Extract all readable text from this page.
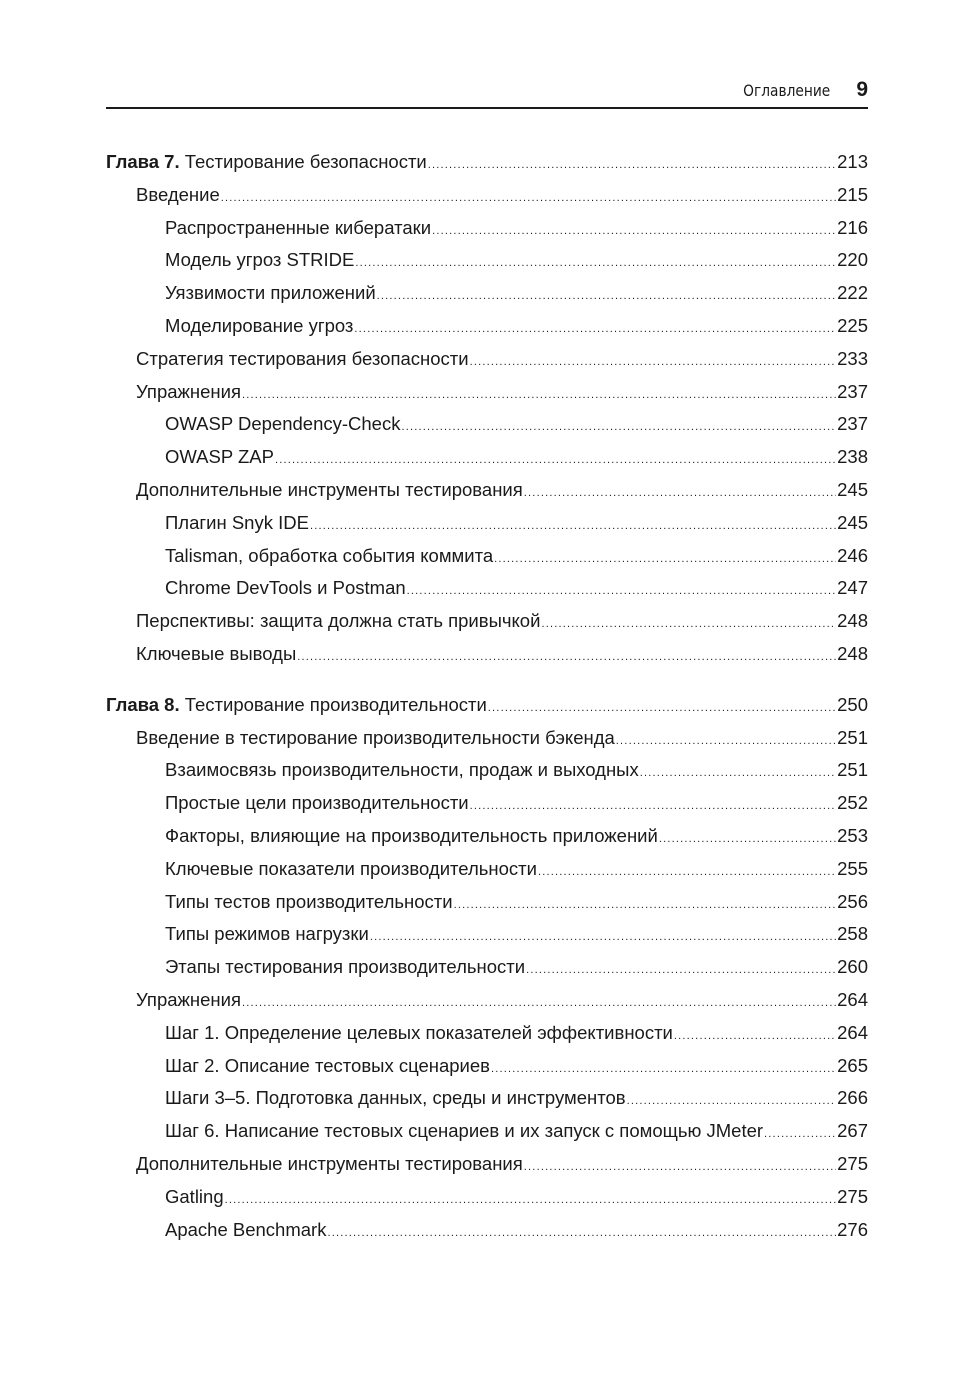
Оглавление 9
Глава 7. Тестирование безопасности .....	213
Введение .....	215
Распространенные кибератаки .....	216
Модель угроз STRIDE .....	220
Уязвимости приложений .....	222
Моделирование угроз .....	225
Стратегия тестирования безопасности .....	233
Упражнения .....	237
OWASP Dependency-Check .....	237
OWASP ZAP .....	238
Дополнительные инструменты тестирования .....	245
Плагин Snyk IDE .....	245
Talisman, обработка события коммита .....	246
Chrome DevTools и Postman .....	247
Перспективы: защита должна стать привычкой .....	248
Ключевые выводы .....	248
Глава 8. Тестирование производительности .....	250
Введение в тестирование производительности бэкенда .....	251
Взаимосвязь производительности, продаж и выходных .....	251
Простые цели производительности .....	252
Факторы, влияющие на производительность приложений .....	253
Ключевые показатели производительности .....	255
Типы тестов производительности .....	256
Типы режимов нагрузки .....	258
Этапы тестирования производительности .....	260
Упражнения .....	264
Шаг 1. Определение целевых показателей эффективности .....	264
Шаг 2. Описание тестовых сценариев .....	265
Шаги 3–5. Подготовка данных, среды и инструментов .....	266
Шаг 6. Написание тестовых сценариев и их запуск с помощью JMeter .....	267
Дополнительные инструменты тестирования .....	275
Gatling .....	275
Apache Benchmark .....	276
